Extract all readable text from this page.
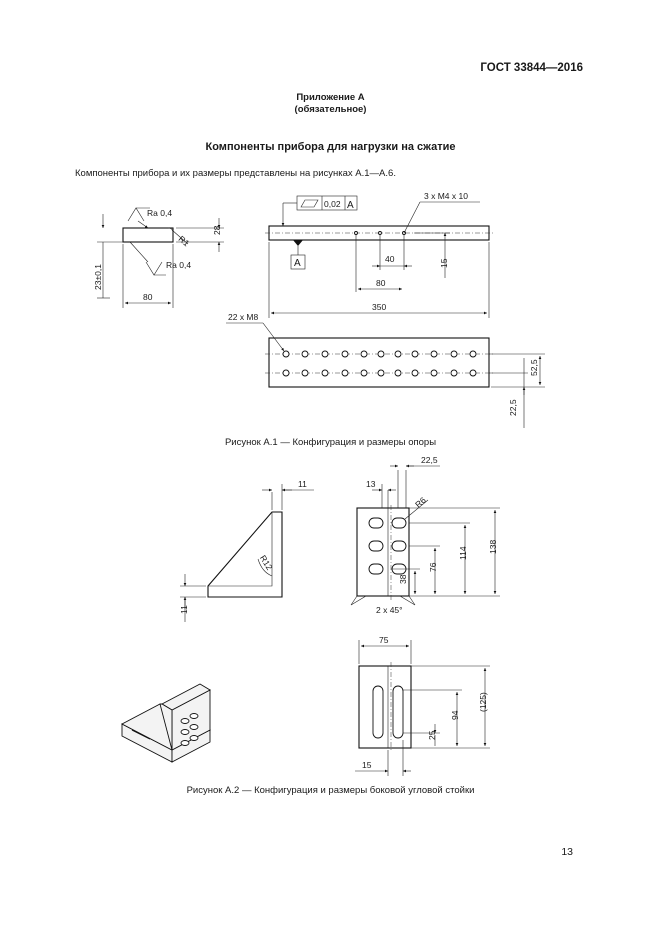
ГОСТ 33844—2016
Приложение А
(обязательное)
Компоненты прибора для нагрузки на сжатие
Компоненты прибора и их размеры представлены на рисунках А.1—А.6.
Ra 0,4
Ra 0,4
R1
28
23±0,1
80
0,02 A
A
3 x M4 x 10
40
80
15
350
22 x M8
52,5
22,5
R12
11
11	2 x 45°
22,5
13
R6
138
114
76
38
75
(125)
94
25
15
Рисунок А.1 — Конфигурация и размеры опоры
Рисунок А.2 — Конфигурация и размеры боковой угловой стойки
13
